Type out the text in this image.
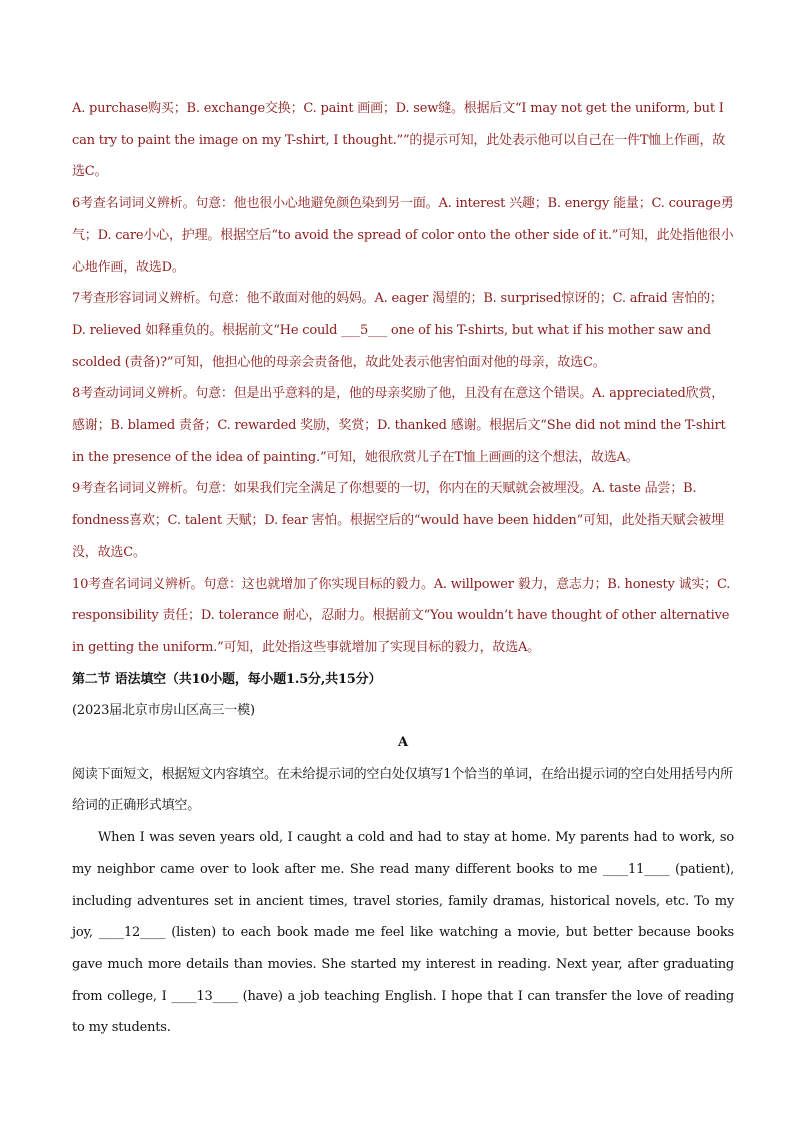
A. purchase购买；B. exchange交换；C. paint 画画；D. sew缝。根据后文“I may not get the uniform, but I can try to paint the image on my T-shirt, I thought.””的提示可知，此处表示他可以自己在一件T恤上作画，故选C。

6考查名词词义辨析。句意：他也很小心地避免颜色染到另一面。A. interest 兴趣；B. energy 能量；C. courage勇气；D. care小心，护理。根据空后“to avoid the spread of color onto the other side of it.”可知，此处指他很小心地作画，故选D。

7考查形容词词义辨析。句意：他不敢面对他的妈妈。A. eager 渴望的；B. surprised惊讶的；C. afraid 害怕的；D. relieved 如释重负的。根据前文“He could ___5___ one of his T-shirts, but what if his mother saw and scolded (责备)?”可知，他担心他的母亲会责备他，故此处表示他害怕面对他的母亲，故选C。

8考查动词词义辨析。句意：但是出乎意料的是，他的母亲奖励了他，且没有在意这个错误。A. appreciated欣赏，感谢；B. blamed 责备；C. rewarded 奖励，奖赏；D. thanked 感谢。根据后文“She did not mind the T-shirt in the presence of the idea of painting.”可知，她很欣赏儿子在T恤上画画的这个想法，故选A。

9考查名词词义辨析。句意：如果我们完全满足了你想要的一切，你内在的天赋就会被埋没。A. taste 品尝；B. fondness喜欢；C. talent 天赋；D. fear 害怕。根据空后的“would have been hidden”可知，此处指天赋会被埋没，故选C。

10考查名词词义辨析。句意：这也就增加了你实现目标的毅力。A. willpower 毅力，意志力；B. honesty 诚实；C. responsibility 责任；D. tolerance 耐心，忍耐力。根据前文“You wouldn’t have thought of other alternative in getting the uniform.”可知，此处指这些事就增加了实现目标的毅力，故选A。

第二节 语法填空（共10小题，每小题1.5分,共15分）

(2023届北京市房山区高三一模)

A

阅读下面短文，根据短文内容填空。在未给提示词的空白处仅填写1个恰当的单词，在给出提示词的空白处用括号内所给词的正确形式填空。

When I was seven years old, I caught a cold and had to stay at home. My parents had to work, so my neighbor came over to look after me. She read many different books to me ____11____ (patient), including adventures set in ancient times, travel stories, family dramas, historical novels, etc. To my joy, ____12____ (listen) to each book made me feel like watching a movie, but better because books gave much more details than movies. She started my interest in reading. Next year, after graduating from college, I ____13____ (have) a job teaching English. I hope that I can transfer the love of reading to my students.
